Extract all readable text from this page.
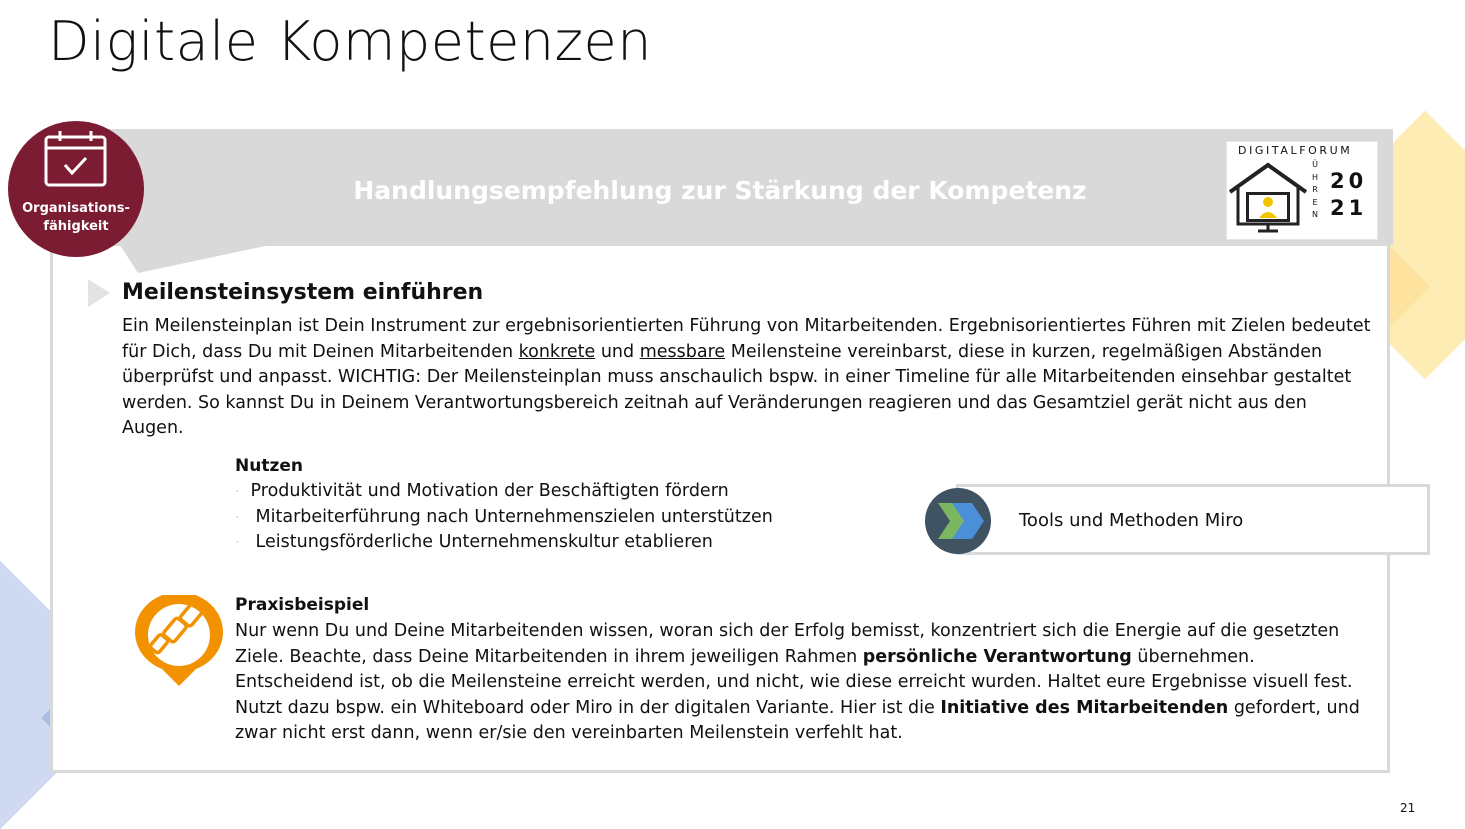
Digitale Kompetenzen
Handlungsempfehlung zur Stärkung der Kompetenz
Organisations-
fähigkeit
DIGITALFORUM
Ü
H
R
E
N
20
21
Meilensteinsystem einführen
Ein Meilensteinplan ist Dein Instrument zur ergebnisorientierten Führung von Mitarbeitenden. Ergebnisorientiertes Führen mit Zielen bedeutet für Dich, dass Du mit Deinen Mitarbeitenden konkrete und messbare Meilensteine vereinbarst, diese in kurzen, regelmäßigen Abständen überprüfst und anpasst. WICHTIG: Der Meilensteinplan muss anschaulich bspw. in einer Timeline für alle Mitarbeitenden einsehbar gestaltet werden. So kannst Du in Deinem Verantwortungsbereich zeitnah auf Veränderungen reagieren und das Gesamtziel gerät nicht aus den Augen.
Nutzen
· Produktivität und Motivation der Beschäftigten fördern
· Mitarbeiterführung nach Unternehmenszielen unterstützen
· Leistungsförderliche Unternehmenskultur etablieren
Tools und Methoden Miro
Praxisbeispiel
Nur wenn Du und Deine Mitarbeitenden wissen, woran sich der Erfolg bemisst, konzentriert sich die Energie auf die gesetzten Ziele. Beachte, dass Deine Mitarbeitenden in ihrem jeweiligen Rahmen persönliche Verantwortung übernehmen. Entscheidend ist, ob die Meilensteine erreicht werden, und nicht, wie diese erreicht wurden. Haltet eure Ergebnisse visuell fest. Nutzt dazu bspw. ein Whiteboard oder Miro in der digitalen Variante. Hier ist die Initiative des Mitarbeitenden gefordert, und zwar nicht erst dann, wenn er/sie den vereinbarten Meilenstein verfehlt hat.
21
